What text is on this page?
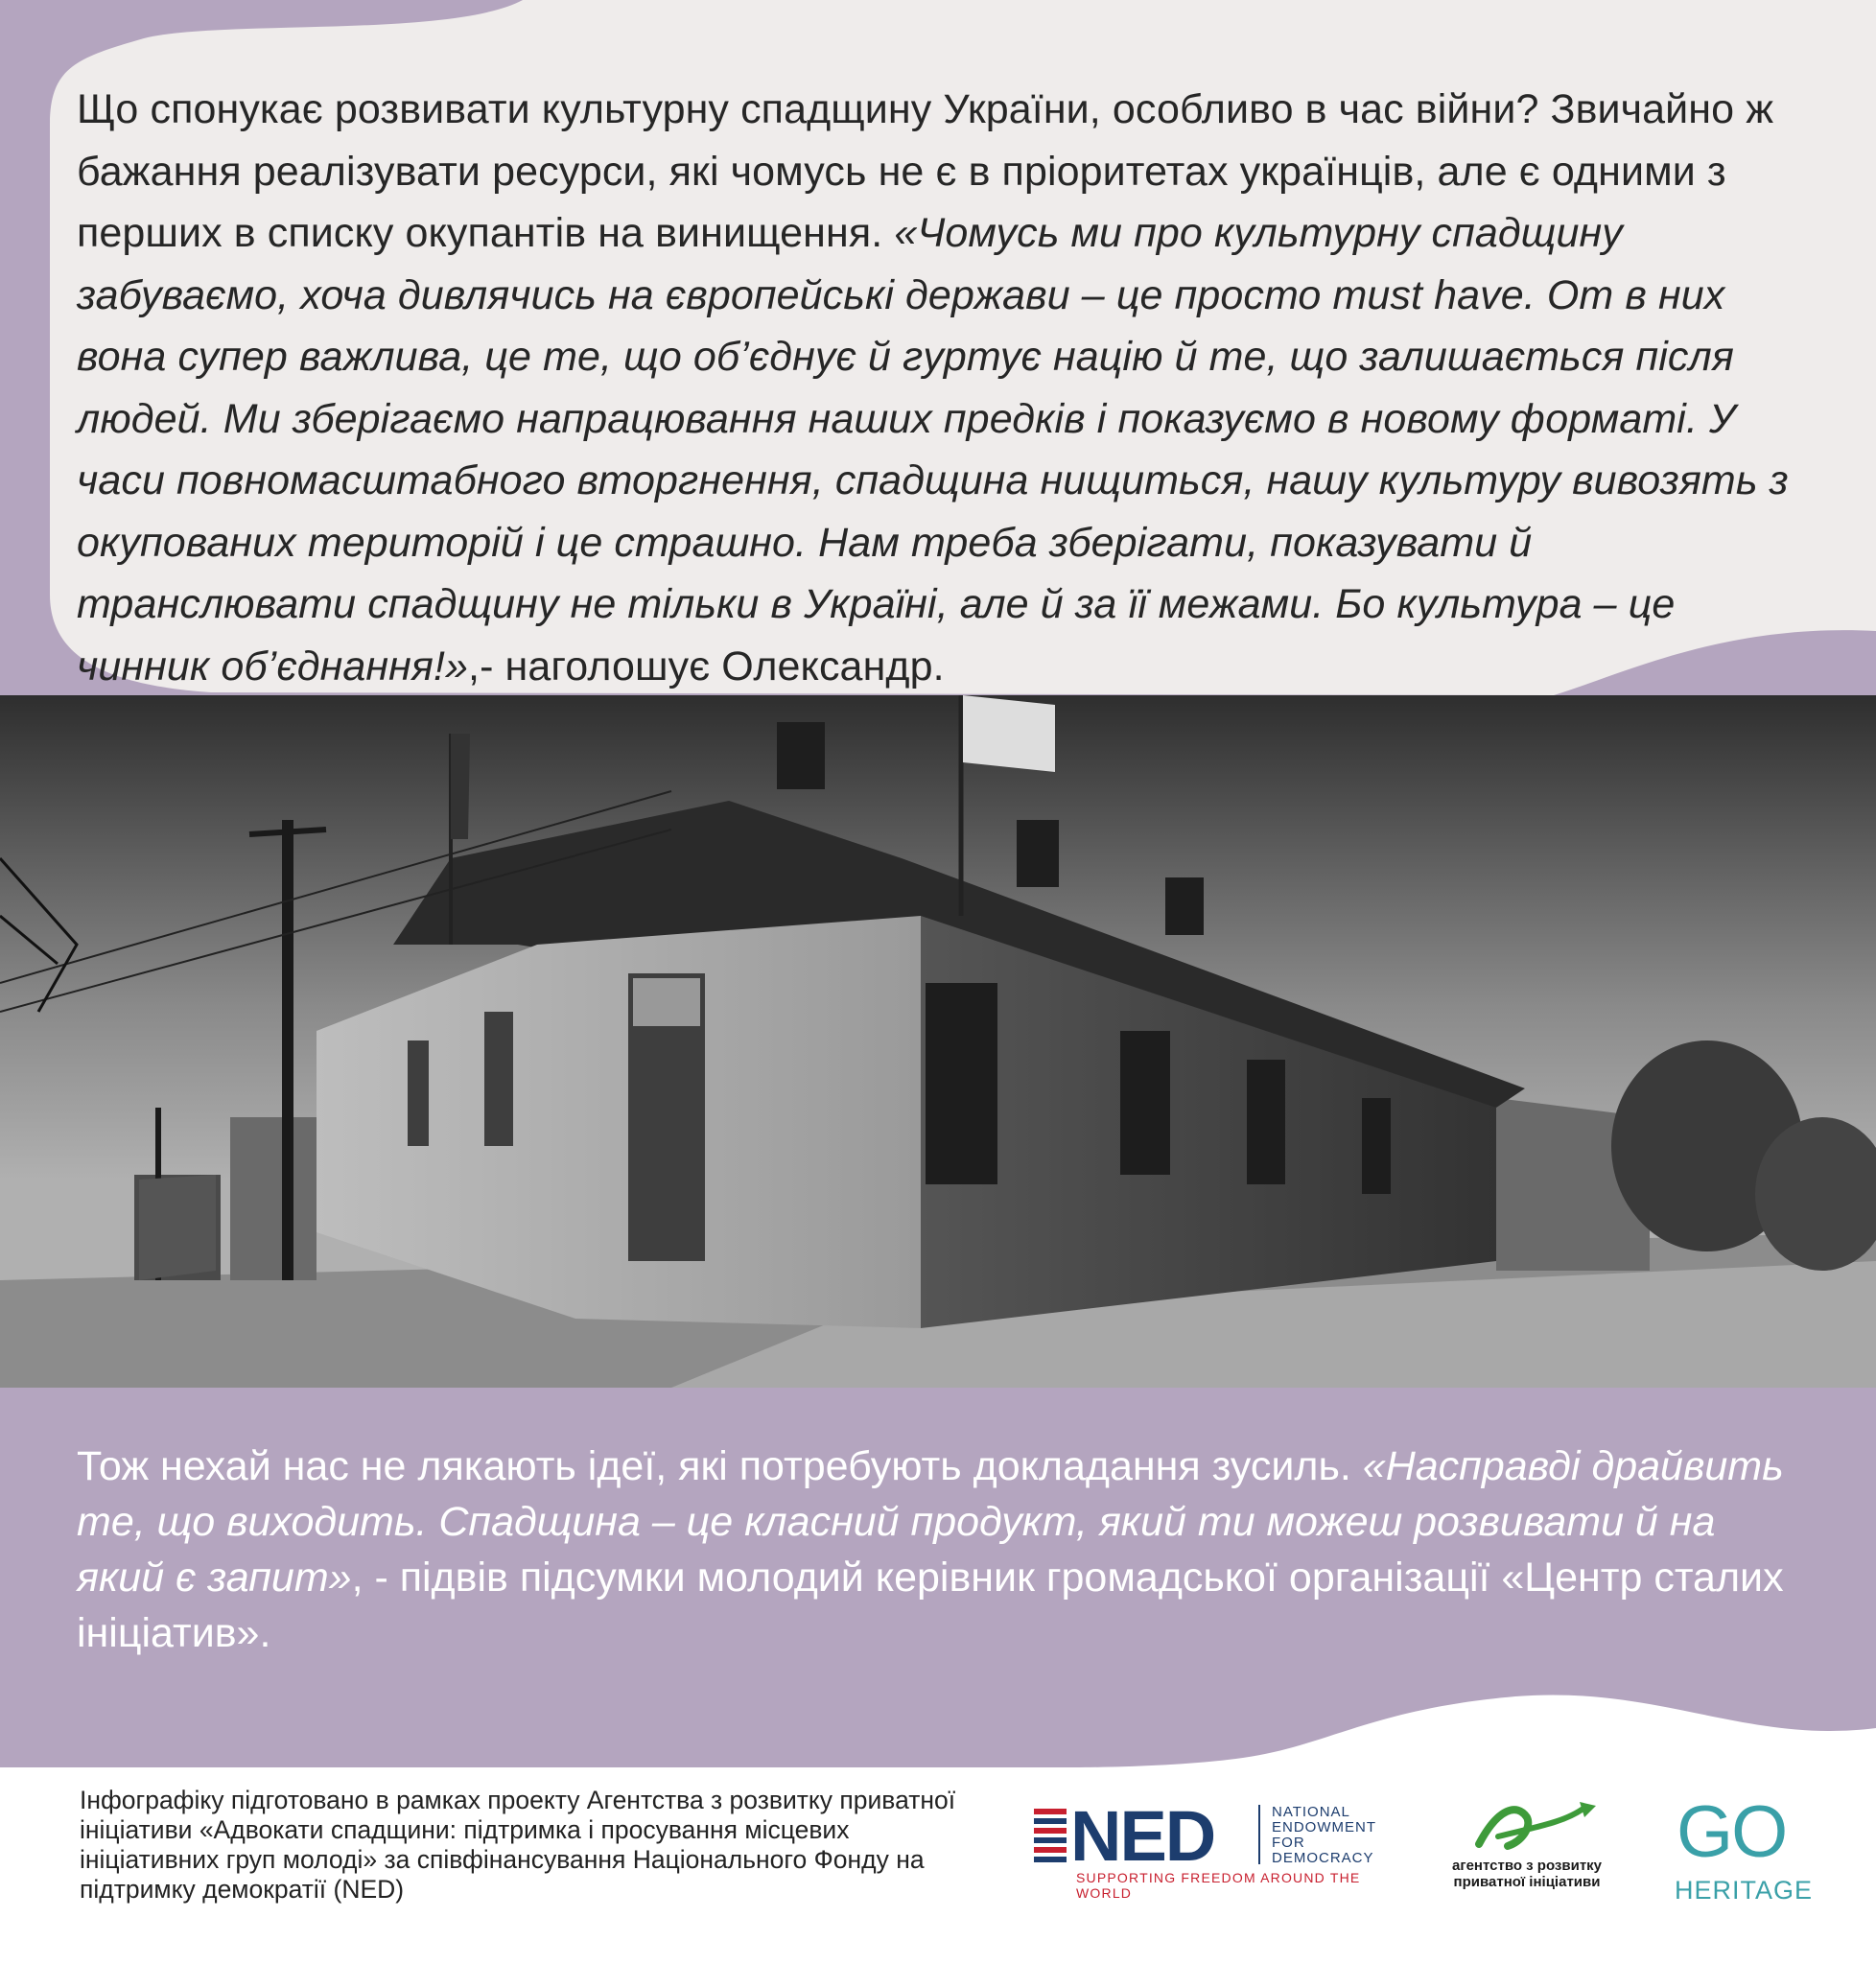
Що спонукає розвивати культурну спадщину України, особливо в час війни? Звичайно ж бажання реалізувати ресурси, які чомусь не є в пріоритетах українців, але є одними з перших в списку окупантів на винищення. «Чомусь ми про культурну спадщину забуваємо, хоча дивлячись на європейські держави – це просто must have. От в них вона супер важлива, це те, що об’єднує й гуртує націю й те, що залишається після людей. Ми зберігаємо напрацювання наших предків і показуємо в новому форматі. У часи повномасштабного вторгнення, спадщина нищиться, нашу культуру вивозять з окупованих територій і це страшно. Нам треба зберігати, показувати й транслювати спадщину не тільки в Україні, але й за її межами. Бо культура – це чинник об’єднання!»,- наголошує Олександр.
Тож нехай нас не лякають ідеї, які потребують докладання зусиль. «Насправді драйвить те, що виходить. Спадщина – це класний продукт, який ти можеш розвивати й на який є запит», - підвів підсумки молодий керівник громадської організації «Центр сталих ініціатив».
Інфографіку підготовано в рамках проекту Агентства з розвитку приватної ініціативи «Адвокати спадщини: підтримка і просування місцевих ініціативних груп молоді» за співфінансування Національного Фонду на підтримку демократії (NED)
NED	NATIONAL
ENDOWMENT
FOR
DEMOCRACY
SUPPORTING FREEDOM AROUND THE WORLD
агентство з розвитку
приватної ініціативи
GO
HERITAGE
